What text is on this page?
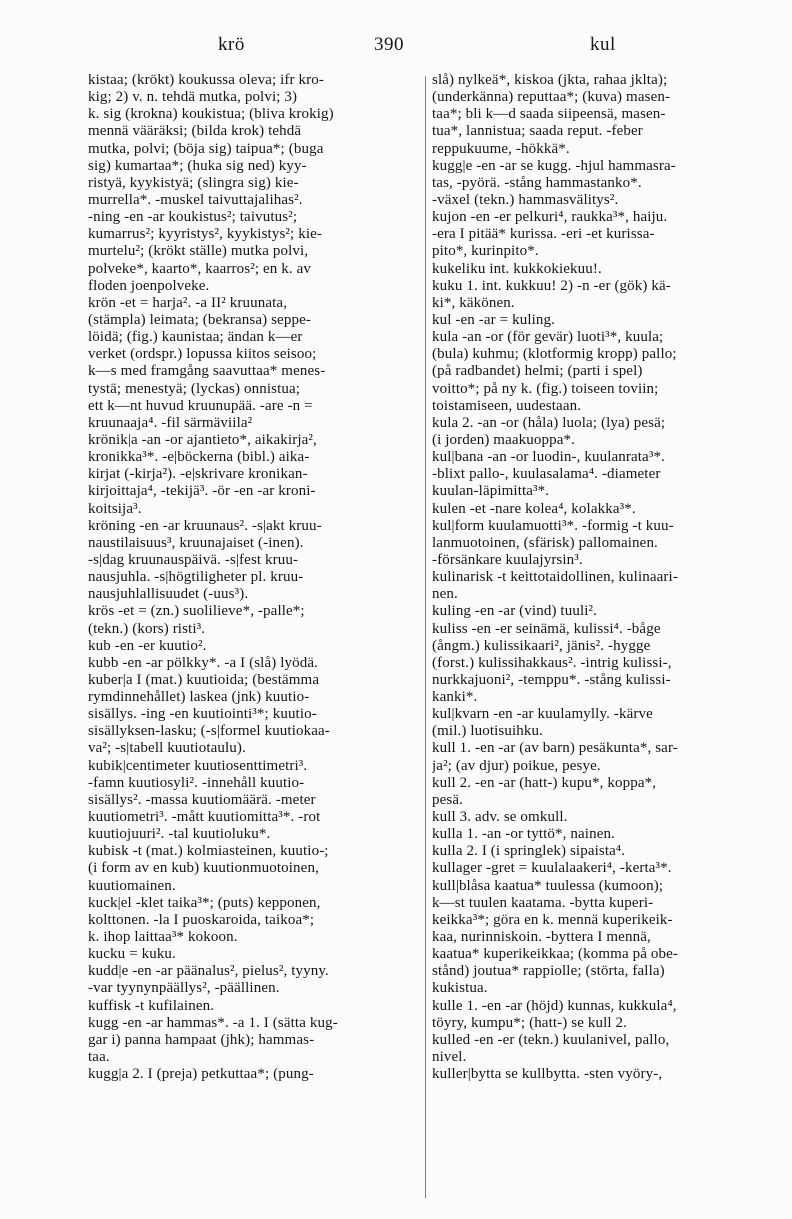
krö	390	kul
kistaa; (krökt) koukussa oleva; ifr kro-
kig; 2) v. n. tehdä mutka, polvi; 3)
k. sig (krokna) koukistua; (bliva krokig)
mennä vääräksi; (bilda krok) tehdä
mutka, polvi; (böja sig) taipua*; (buga
sig) kumartaa*; (huka sig ned) kyy-
ristyä, kyykistyä; (slingra sig) kie-
murrella*. -muskel taivuttajalihas².
-ning -en -ar koukistus²; taivutus²;
kumarrus²; kyyristys², kyykistys²; kie-
murtelu²; (krökt ställe) mutka polvi,
polveke*, kaarto*, kaarros²; en k. av
floden joenpolveke.
krön -et = harja². -a II² kruunata,
(stämpla) leimata; (bekransa) seppe-
löidä; (fig.) kaunistaa; ändan k—er
verket (ordspr.) lopussa kiitos seisoo;
k—s med framgång saavuttaa* menes-
tystä; menestyä; (lyckas) onnistua;
ett k—nt huvud kruunupää. -are -n =
kruunaaja⁴. -fil särmäviila²
krönik|a -an -or ajantieto*, aikakirja²,
kronikka³*. -e|böckerna (bibl.) aika-
kirjat (-kirja²). -e|skrivare kronikan-
kirjoittaja⁴, -tekijä³. -ör -en -ar kroni-
koitsija³.
kröning -en -ar kruunaus². -s|akt kruu-
naustilaisuus³, kruunajaiset (-inen).
-s|dag kruunauspäivä. -s|fest kruu-
nausjuhla. -s|högtiligheter pl. kruu-
nausjuhlallisuudet (-uus³).
krös -et = (zn.) suolilieve*, -palle*;
(tekn.) (kors) risti³.
kub -en -er kuutio².
kubb -en -ar pölkky*. -a I (slå) lyödä.
kuber|a I (mat.) kuutioida; (bestämma
rymdinnehållet) laskea (jnk) kuutio-
sisällys. -ing -en kuutiointi³*; kuutio-
sisällyksen-lasku; (-s|formel kuutiokaa-
va²; -s|tabell kuutiotaulu).
kubik|centimeter kuutiosenttimetri³.
-famn kuutiosyli². -innehåll kuutio-
sisällys². -massa kuutiomäärä. -meter
kuutiometri³. -mått kuutiomitta³*. -rot
kuutiojuuri². -tal kuutioluku*.
kubisk -t (mat.) kolmiasteinen, kuutio-;
(i form av en kub) kuutionmuotoinen,
kuutiomainen.
kuck|el -klet taika³*; (puts) kepponen,
kolttonen. -la I puoskaroida, taikoa*;
k. ihop laittaa³* kokoon.
kucku = kuku.
kudd|e -en -ar päänalus², pielus², tyyny.
-var tyynynpäällys², -päällinen.
kuffisk -t kufilainen.
kugg -en -ar hammas*. -a 1. I (sätta kug-
gar i) panna hampaat (jhk); hammas-
taa.
kugg|a 2. I (preja) petkuttaa*; (pung-
slå) nylkeä*, kiskoa (jkta, rahaa jklta);
(underkänna) reputtaa*; (kuva) masen-
taa*; bli k—d saada siipeensä, masen-
tua*, lannistua; saada reput. -feber
reppukuume, -hökkä*.
kugg|e -en -ar se kugg. -hjul hammasra-
tas, -pyörä. -stång hammastanko*.
-växel (tekn.) hammasvälitys².
kujon -en -er pelkuri⁴, raukka³*, haiju.
-era I pitää* kurissa. -eri -et kurissa-
pito*, kurinpito*.
kukeliku int. kukkokiekuu!.
kuku 1. int. kukkuu! 2) -n -er (gök) kä-
ki*, käkönen.
kul -en -ar = kuling.
kula -an -or (för gevär) luoti³*, kuula;
(bula) kuhmu; (klotformig kropp) pallo;
(på radbandet) helmi; (parti i spel)
voitto*; på ny k. (fig.) toiseen toviin;
toistamiseen, uudestaan.
kula 2. -an -or (håla) luola; (lya) pesä;
(i jorden) maakuoppa*.
kul|bana -an -or luodin-, kuulanrata³*.
-blixt pallo-, kuulasalama⁴. -diameter
kuulan-läpimitta³*.
kulen -et -nare kolea⁴, kolakka³*.
kul|form kuulamuotti³*. -formig -t kuu-
lanmuotoinen, (sfärisk) pallomainen.
-försänkare kuulajyrsin³.
kulinarisk -t keittotaidollinen, kulinaari-
nen.
kuling -en -ar (vind) tuuli².
kuliss -en -er seinämä, kulissi⁴. -båge
(ångm.) kulissikaari², jänis². -hygge
(forst.) kulissihakkaus². -intrig kulissi-,
nurkkajuoni², -temppu*. -stång kulissi-
kanki*.
kul|kvarn -en -ar kuulamylly. -kärve
(mil.) luotisuihku.
kull 1. -en -ar (av barn) pesäkunta*, sar-
ja²; (av djur) poikue, pesye.
kull 2. -en -ar (hatt-) kupu*, koppa*,
pesä.
kull 3. adv. se omkull.
kulla 1. -an -or tyttö*, nainen.
kulla 2. I (i springlek) sipaista⁴.
kullager -gret = kuulalaakeri⁴, -kerta³*.
kull|blåsa kaatua* tuulessa (kumoon);
k—st tuulen kaatama. -bytta kuperi-
keikka³*; göra en k. mennä kuperikeik-
kaa, nurinniskoin. -byttera I mennä,
kaatua* kuperikeikkaa; (komma på obe-
stånd) joutua* rappiolle; (störta, falla)
kukistua.
kulle 1. -en -ar (höjd) kunnas, kukkula⁴,
töyry, kumpu*; (hatt-) se kull 2.
kulled -en -er (tekn.) kuulanivel, pallo,
nivel.
kuller|bytta se kullbytta. -sten vyöry-,
